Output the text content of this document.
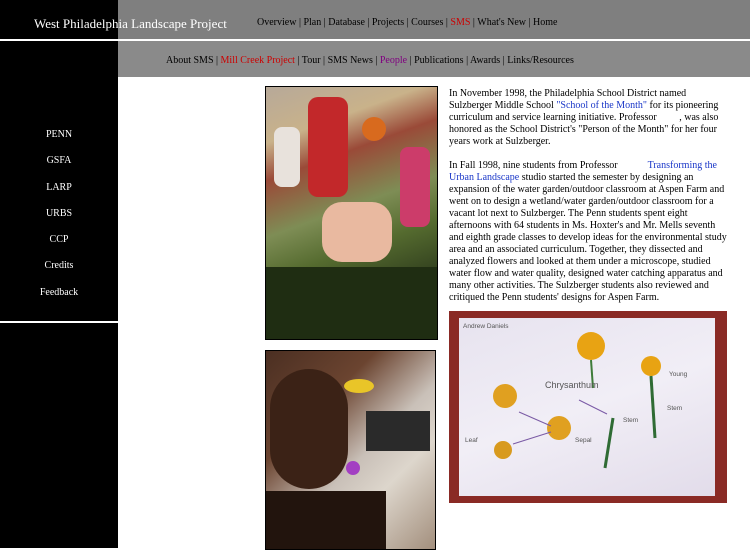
West Philadelphia Landscape Project	Overview | Plan | Database | Projects | Courses | SMS | What's New | Home
About SMS | Mill Creek Project | Tour | SMS News | People | Publications | Awards | Links/Resources
PENN
GSFA
LARP
URBS
CCP
Credits
Feedback
Andrew Daniels
Chrysanthum
Young
Stem
Stem
Sepal
Leaf

In November 1998, the Philadelphia School District named Sulzberger Middle School "School of the Month" for its pioneering curriculum and service learning initiative. Professor         , was also honored as the School District's "Person of the Month" for her four years work at Sulzberger.

In Fall 1998, nine students from Professor	Transforming the Urban Landscape studio started the semester by designing an expansion of the water garden/outdoor classroom at Aspen Farm and went on to design a wetland/water garden/outdoor classroom for a vacant lot next to Sulzberger. The Penn students spent eight afternoons with 64 students in Ms. Hoxter's and Mr. Mells seventh and eighth grade classes to develop ideas for the environmental study area and an associated curriculum. Together, they dissected and analyzed flowers and looked at them under a microscope, studied water flow and water quality, designed water catching apparatus and many other activities. The Sulzberger students also reviewed and critiqued the Penn students' designs for Aspen Farm.
